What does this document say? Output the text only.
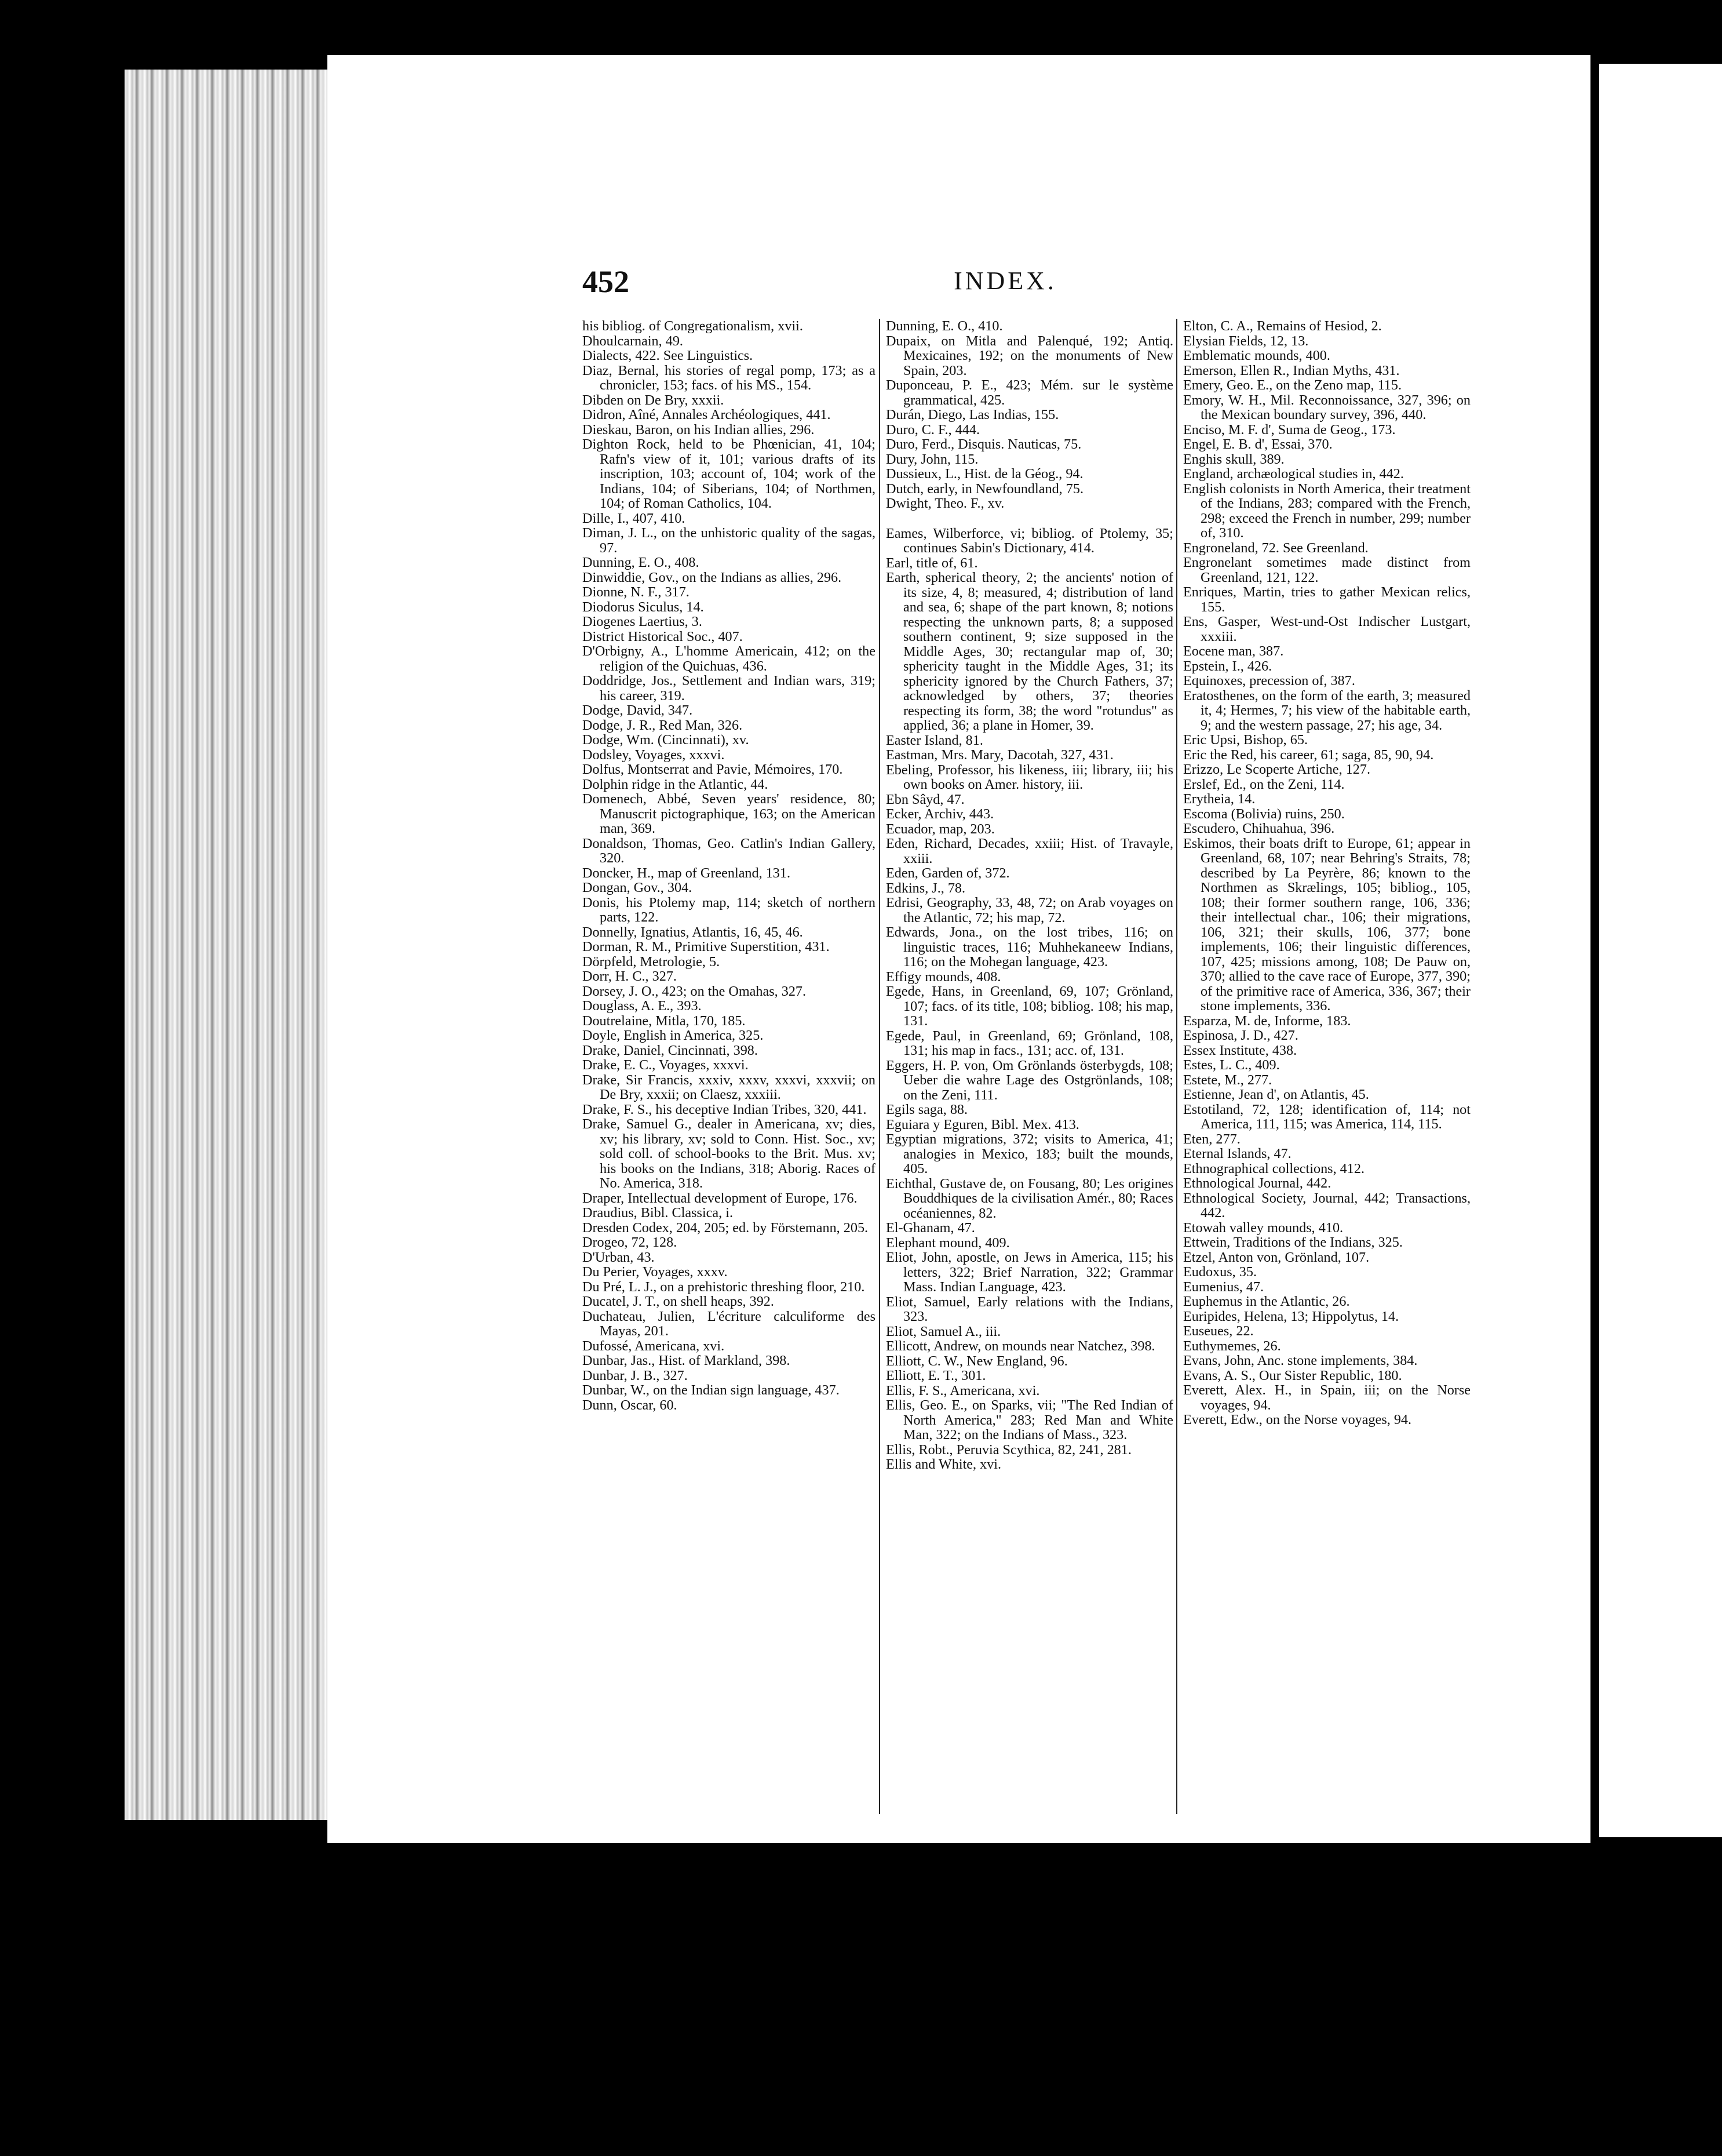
452	INDEX.

his bibliog. of Congregationalism, xvii.

Dhoulcarnain, 49.

Dialects, 422. See Linguistics.

Diaz, Bernal, his stories of regal pomp, 173; as a chronicler, 153; facs. of his MS., 154.

Dibden on De Bry, xxxii.

Didron, Aîné, Annales Archéologiques, 441.

Dieskau, Baron, on his Indian allies, 296.

Dighton Rock, held to be Phœnician, 41, 104; Rafn's view of it, 101; various drafts of its inscription, 103; account of, 104; work of the Indians, 104; of Siberians, 104; of Northmen, 104; of Roman Catholics, 104.

Dille, I., 407, 410.

Diman, J. L., on the unhistoric quality of the sagas, 97.

Dunning, E. O., 408.

Dinwiddie, Gov., on the Indians as allies, 296.

Dionne, N. F., 317.

Diodorus Siculus, 14.

Diogenes Laertius, 3.

District Historical Soc., 407.

D'Orbigny, A., L'homme Americain, 412; on the religion of the Quichuas, 436.

Doddridge, Jos., Settlement and Indian wars, 319; his career, 319.

Dodge, David, 347.

Dodge, J. R., Red Man, 326.

Dodge, Wm. (Cincinnati), xv.

Dodsley, Voyages, xxxvi.

Dolfus, Montserrat and Pavie, Mémoires, 170.

Dolphin ridge in the Atlantic, 44.

Domenech, Abbé, Seven years' residence, 80; Manuscrit pictographique, 163; on the American man, 369.

Donaldson, Thomas, Geo. Catlin's Indian Gallery, 320.

Doncker, H., map of Greenland, 131.

Dongan, Gov., 304.

Donis, his Ptolemy map, 114; sketch of northern parts, 122.

Donnelly, Ignatius, Atlantis, 16, 45, 46.

Dorman, R. M., Primitive Superstition, 431.

Dörpfeld, Metrologie, 5.

Dorr, H. C., 327.

Dorsey, J. O., 423; on the Omahas, 327.

Douglass, A. E., 393.

Doutrelaine, Mitla, 170, 185.

Doyle, English in America, 325.

Drake, Daniel, Cincinnati, 398.

Drake, E. C., Voyages, xxxvi.

Drake, Sir Francis, xxxiv, xxxv, xxxvi, xxxvii; on De Bry, xxxii; on Claesz, xxxiii.

Drake, F. S., his deceptive Indian Tribes, 320, 441.

Drake, Samuel G., dealer in Americana, xv; dies, xv; his library, xv; sold to Conn. Hist. Soc., xv; sold coll. of school-books to the Brit. Mus. xv; his books on the Indians, 318; Aborig. Races of No. America, 318.

Draper, Intellectual development of Europe, 176.

Draudius, Bibl. Classica, i.

Dresden Codex, 204, 205; ed. by Förstemann, 205.

Drogeo, 72, 128.

D'Urban, 43.

Du Perier, Voyages, xxxv.

Du Pré, L. J., on a prehistoric threshing floor, 210.

Ducatel, J. T., on shell heaps, 392.

Duchateau, Julien, L'écriture calculiforme des Mayas, 201.

Dufossé, Americana, xvi.

Dunbar, Jas., Hist. of Markland, 398.

Dunbar, J. B., 327.

Dunbar, W., on the Indian sign language, 437.

Dunn, Oscar, 60.

Dunning, E. O., 410.

Dupaix, on Mitla and Palenqué, 192; Antiq. Mexicaines, 192; on the monuments of New Spain, 203.

Duponceau, P. E., 423; Mém. sur le système grammatical, 425.

Durán, Diego, Las Indias, 155.

Duro, C. F., 444.

Duro, Ferd., Disquis. Nauticas, 75.

Dury, John, 115.

Dussieux, L., Hist. de la Géog., 94.

Dutch, early, in Newfoundland, 75.

Dwight, Theo. F., xv.

Eames, Wilberforce, vi; bibliog. of Ptolemy, 35; continues Sabin's Dictionary, 414.

Earl, title of, 61.

Earth, spherical theory, 2; the ancients' notion of its size, 4, 8; measured, 4; distribution of land and sea, 6; shape of the part known, 8; notions respecting the unknown parts, 8; a supposed southern continent, 9; size supposed in the Middle Ages, 30; rectangular map of, 30; sphericity taught in the Middle Ages, 31; its sphericity ignored by the Church Fathers, 37; acknowledged by others, 37; theories respecting its form, 38; the word "rotundus" as applied, 36; a plane in Homer, 39.

Easter Island, 81.

Eastman, Mrs. Mary, Dacotah, 327, 431.

Ebeling, Professor, his likeness, iii; library, iii; his own books on Amer. history, iii.

Ebn Sâyd, 47.

Ecker, Archiv, 443.

Ecuador, map, 203.

Eden, Richard, Decades, xxiii; Hist. of Travayle, xxiii.

Eden, Garden of, 372.

Edkins, J., 78.

Edrisi, Geography, 33, 48, 72; on Arab voyages on the Atlantic, 72; his map, 72.

Edwards, Jona., on the lost tribes, 116; on linguistic traces, 116; Muhhekaneew Indians, 116; on the Mohegan language, 423.

Effigy mounds, 408.

Egede, Hans, in Greenland, 69, 107; Grönland, 107; facs. of its title, 108; bibliog. 108; his map, 131.

Egede, Paul, in Greenland, 69; Grönland, 108, 131; his map in facs., 131; acc. of, 131.

Eggers, H. P. von, Om Grönlands österbygds, 108; Ueber die wahre Lage des Ostgrönlands, 108; on the Zeni, 111.

Egils saga, 88.

Eguiara y Eguren, Bibl. Mex. 413.

Egyptian migrations, 372; visits to America, 41; analogies in Mexico, 183; built the mounds, 405.

Eichthal, Gustave de, on Fousang, 80; Les origines Bouddhiques de la civilisation Amér., 80; Races océaniennes, 82.

El-Ghanam, 47.

Elephant mound, 409.

Eliot, John, apostle, on Jews in America, 115; his letters, 322; Brief Narration, 322; Grammar Mass. Indian Language, 423.

Eliot, Samuel, Early relations with the Indians, 323.

Eliot, Samuel A., iii.

Ellicott, Andrew, on mounds near Natchez, 398.

Elliott, C. W., New England, 96.

Elliott, E. T., 301.

Ellis, F. S., Americana, xvi.

Ellis, Geo. E., on Sparks, vii; "The Red Indian of North America," 283; Red Man and White Man, 322; on the Indians of Mass., 323.

Ellis, Robt., Peruvia Scythica, 82, 241, 281.

Ellis and White, xvi.

Elton, C. A., Remains of Hesiod, 2.

Elysian Fields, 12, 13.

Emblematic mounds, 400.

Emerson, Ellen R., Indian Myths, 431.

Emery, Geo. E., on the Zeno map, 115.

Emory, W. H., Mil. Reconnoissance, 327, 396; on the Mexican boundary survey, 396, 440.

Enciso, M. F. d', Suma de Geog., 173.

Engel, E. B. d', Essai, 370.

Enghis skull, 389.

England, archæological studies in, 442.

English colonists in North America, their treatment of the Indians, 283; compared with the French, 298; exceed the French in number, 299; number of, 310.

Engroneland, 72. See Greenland.

Engronelant sometimes made distinct from Greenland, 121, 122.

Enriques, Martin, tries to gather Mexican relics, 155.

Ens, Gasper, West-und-Ost Indischer Lustgart, xxxiii.

Eocene man, 387.

Epstein, I., 426.

Equinoxes, precession of, 387.

Eratosthenes, on the form of the earth, 3; measured it, 4; Hermes, 7; his view of the habitable earth, 9; and the western passage, 27; his age, 34.

Eric Upsi, Bishop, 65.

Eric the Red, his career, 61; saga, 85, 90, 94.

Erizzo, Le Scoperte Artiche, 127.

Erslef, Ed., on the Zeni, 114.

Erytheia, 14.

Escoma (Bolivia) ruins, 250.

Escudero, Chihuahua, 396.

Eskimos, their boats drift to Europe, 61; appear in Greenland, 68, 107; near Behring's Straits, 78; described by La Peyrère, 86; known to the Northmen as Skrælings, 105; bibliog., 105, 108; their former southern range, 106, 336; their intellectual char., 106; their migrations, 106, 321; their skulls, 106, 377; bone implements, 106; their linguistic differences, 107, 425; missions among, 108; De Pauw on, 370; allied to the cave race of Europe, 377, 390; of the primitive race of America, 336, 367; their stone implements, 336.

Esparza, M. de, Informe, 183.

Espinosa, J. D., 427.

Essex Institute, 438.

Estes, L. C., 409.

Estete, M., 277.

Estienne, Jean d', on Atlantis, 45.

Estotiland, 72, 128; identification of, 114; not America, 111, 115; was America, 114, 115.

Eten, 277.

Eternal Islands, 47.

Ethnographical collections, 412.

Ethnological Journal, 442.

Ethnological Society, Journal, 442; Transactions, 442.

Etowah valley mounds, 410.

Ettwein, Traditions of the Indians, 325.

Etzel, Anton von, Grönland, 107.

Eudoxus, 35.

Eumenius, 47.

Euphemus in the Atlantic, 26.

Euripides, Helena, 13; Hippolytus, 14.

Euseues, 22.

Euthymemes, 26.

Evans, John, Anc. stone implements, 384.

Evans, A. S., Our Sister Republic, 180.

Everett, Alex. H., in Spain, iii; on the Norse voyages, 94.

Everett, Edw., on the Norse voyages, 94.
